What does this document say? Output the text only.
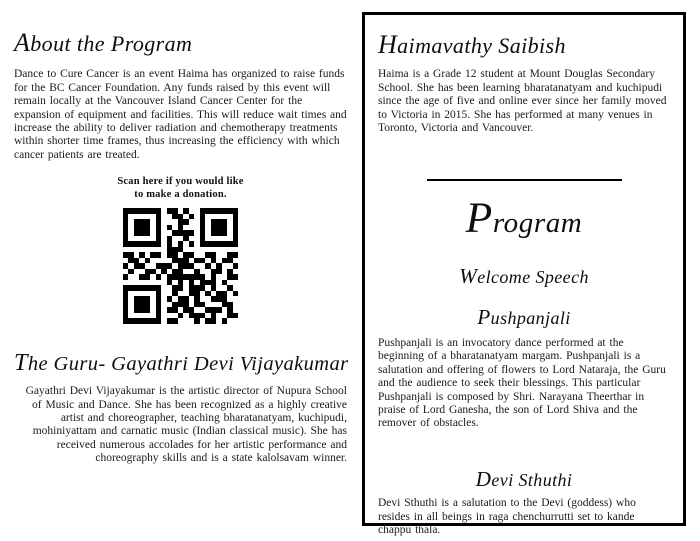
About the Program

Dance to Cure Cancer is an event Haima has organized to raise funds for the BC Cancer Foundation. Any funds raised by this event will remain locally at the Vancouver Island Cancer Center for the expansion of equipment and facilities. This will reduce wait times and increase the ability to deliver radiation and chemotherapy treatments within shorter time frames, thus increasing the efficiency with which cancer patients are treated.

Scan here if you would like
to make a donation.
The Guru- Gayathri Devi Vijayakumar

Gayathri Devi Vijayakumar is the artistic director of Nupura School of Music and Dance. She has been recognized as a highly creative artist and choreographer, teaching bharatanatyam, kuchipudi, mohiniyattam and carnatic music (Indian classical music). She has received numerous accolades for her artistic performance and choreography skills and is a state kalolsavam winner.

Haimavathy Saibish

Haima is a Grade 12 student at Mount Douglas Secondary School. She has been learning bharatanatyam and kuchipudi since the age of five and online ever since her family moved to Victoria in 2015. She has performed at many venues in Toronto, Victoria and Vancouver.

Program
Welcome Speech
Pushpanjali

Pushpanjali is an invocatory dance performed at the beginning of a bharatanatyam margam. Pushpanjali is a salutation and offering of flowers to Lord Nataraja, the Guru and the audience to seek their blessings. This particular Pushpanjali is composed by Shri. Narayana Theerthar in praise of Lord Ganesha, the son of Lord Shiva and the remover of obstacles.

Devi Sthuthi

Devi Sthuthi is a salutation to the Devi (goddess) who resides in all beings in raga chenchurrutti set to kande chappu thala.
